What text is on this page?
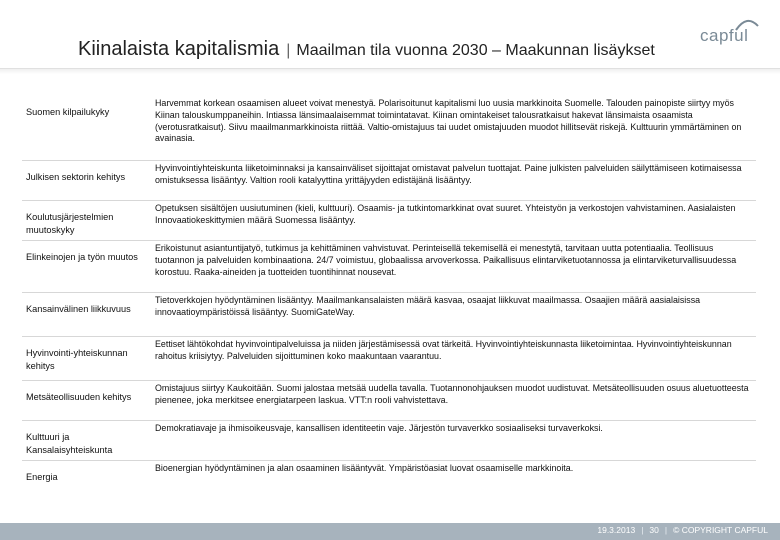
capful
Kiinalaista kapitalismia | Maailman tila vuonna 2030 – Maakunnan lisäykset
Suomen kilpailukyky
Harvemmat korkean osaamisen alueet voivat menestyä. Polarisoitunut kapitalismi luo uusia markkinoita Suomelle. Talouden painopiste siirtyy myös Kiinan talouskumppaneihin. Intiassa länsimaalaisemmat toimintatavat. Kiinan omintakeiset talousratkaisut hakevat länsimaista osaamista (verotusratkaisut). Siivu maailmanmarkkinoista riittää. Valtio-omistajuus tai uudet omistajuuden muodot hillitsevät riskejä. Kulttuurin ymmärtäminen on avainasia.
Julkisen sektorin kehitys
Hyvinvointiyhteiskunta liiketoiminnaksi ja kansainväliset sijoittajat omistavat palvelun tuottajat. Paine julkisten palveluiden säilyttämiseen kotimaisessa omistuksessa lisääntyy. Valtion rooli katalyyttina yrittäjyyden edistäjänä lisääntyy.
Koulutusjärjestelmien muutoskyky
Opetuksen sisältöjen uusiutuminen (kieli, kulttuuri). Osaamis- ja tutkintomarkkinat ovat suuret. Yhteistyön ja verkostojen vahvistaminen. Aasialaisten Innovaatiokeskittymien määrä Suomessa lisääntyy.
Elinkeinojen ja työn muutos
Erikoistunut asiantuntijatyö, tutkimus ja kehittäminen vahvistuvat. Perinteisellä tekemisellä ei menestytä, tarvitaan uutta potentiaalia. Teollisuus tuotannon ja palveluiden kombinaationa. 24/7 voimistuu, globaalissa arvoverkossa. Paikallisuus elintarviketuotannossa ja elintarviketurvallisuudessa korostuu. Raaka-aineiden ja tuotteiden tuontihinnat nousevat.
Kansainvälinen liikkuvuus
Tietoverkkojen hyödyntäminen lisääntyy. Maailmankansalaisten määrä kasvaa, osaajat liikkuvat maailmassa. Osaajien määrä aasialaisissa innovaatioympäristöissä lisääntyy. SuomiGateWay.
Hyvinvointi-yhteiskunnan kehitys
Eettiset lähtökohdat hyvinvointipalveluissa ja niiden järjestämisessä ovat tärkeitä. Hyvinvointiyhteiskunnasta liiketoimintaa. Hyvinvointiyhteiskunnan rahoitus kriisiytyy. Palveluiden sijoittuminen koko maakuntaan vaarantuu.
Metsäteollisuuden kehitys
Omistajuus siirtyy Kaukoitään. Suomi jalostaa metsää uudella tavalla. Tuotannonohjauksen muodot uudistuvat. Metsäteollisuuden osuus aluetuotteesta pienenee, joka merkitsee energiatarpeen laskua. VTT:n rooli vahvistettava.
Kulttuuri ja Kansalaisyhteiskunta
Demokratiavaje ja ihmisoikeusvaje, kansallisen identiteetin vaje. Järjestön turvaverkko sosiaaliseksi turvaverkoksi.
Energia
Bioenergian hyödyntäminen ja alan osaaminen lisääntyvät. Ympäristöasiat luovat osaamiselle markkinoita.
19.3.2013 | 30 | © COPYRIGHT CAPFUL
